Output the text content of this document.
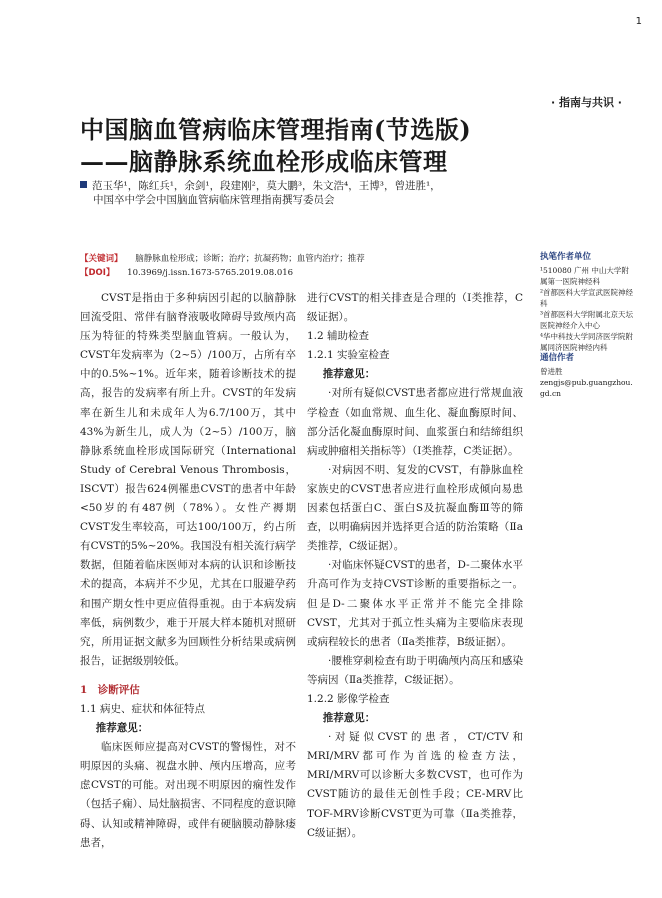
1
· 指南与共识 ·
中国脑血管病临床管理指南(节选版)
——脑静脉系统血栓形成临床管理
范玉华¹，陈红兵¹，余剑¹，段建刚²，莫大鹏³，朱文浩⁴，王博³，曾进胜¹，
中国卒中学会中国脑血管病临床管理指南撰写委员会
【关键词】 脑静脉血栓形成；诊断；治疗；抗凝药物；血管内治疗；推荐
【DOI】 10.3969/j.issn.1673-5765.2019.08.016

CVST是指由于多种病因引起的以脑静脉回流受阻、常伴有脑脊液吸收障碍导致颅内高压为特征的特殊类型脑血管病。一般认为，CVST年发病率为（2~5）/100万，占所有卒中的0.5%~1%。近年来，随着诊断技术的提高，报告的发病率有所上升。CVST的年发病率在新生儿和未成年人为6.7/100万，其中43%为新生儿，成人为（2~5）/100万，脑静脉系统血栓形成国际研究（International Study of Cerebral Venous Thrombosis，ISCVT）报告624例罹患CVST的患者中年龄<50岁的有487例（78%）。女性产褥期CVST发生率较高，可达100/100万，约占所有CVST的5%~20%。我国没有相关流行病学数据，但随着临床医师对本病的认识和诊断技术的提高，本病并不少见，尤其在口服避孕药和围产期女性中更应值得重视。由于本病发病率低，病例数少，难于开展大样本随机对照研究，所用证据文献多为回顾性分析结果或病例报告，证据级别较低。

1　诊断评估

1.1 病史、症状和体征特点

推荐意见：

临床医师应提高对CVST的警惕性，对不明原因的头痛、视盘水肿、颅内压增高，应考虑CVST的可能。对出现不明原因的痫性发作（包括子痫）、局灶脑损害、不同程度的意识障碍、认知或精神障碍，或伴有硬脑膜动静脉瘘患者，

进行CVST的相关排查是合理的（I类推荐，C级证据）。

1.2 辅助检查

1.2.1 实验室检查

推荐意见：

·对所有疑似CVST患者都应进行常规血液学检查（如血常规、血生化、凝血酶原时间、部分活化凝血酶原时间、血浆蛋白和结缔组织病或肿瘤相关指标等）（I类推荐，C类证据）。

·对病因不明、复发的CVST，有静脉血栓家族史的CVST患者应进行血栓形成倾向易患因素包括蛋白C、蛋白S及抗凝血酶Ⅲ等的筛查，以明确病因并选择更合适的防治策略（Ⅱa类推荐，C级证据）。

·对临床怀疑CVST的患者，D-二聚体水平升高可作为支持CVST诊断的重要指标之一。但是D-二聚体水平正常并不能完全排除CVST，尤其对于孤立性头痛为主要临床表现或病程较长的患者（Ⅱa类推荐，B级证据）。

·腰椎穿刺检查有助于明确颅内高压和感染等病因（Ⅱa类推荐，C级证据）。

1.2.2 影像学检查

推荐意见：

·对疑似CVST的患者，CT/CTV和MRI/MRV都可作为首选的检查方法，MRI/MRV可以诊断大多数CVST，也可作为CVST随访的最佳无创性手段；CE-MRV比TOF-MRV诊断CVST更为可靠（Ⅱa类推荐，C级证据）。

执笔作者单位

¹510080 广州 中山大学附属第一医院神经科

²首都医科大学宣武医院神经科

³首都医科大学附属北京天坛医院神经介入中心

⁴华中科技大学同济医学院附属同济医院神经内科

通信作者

曾进胜

zengjs@pub.guangzhou.gd.cn
